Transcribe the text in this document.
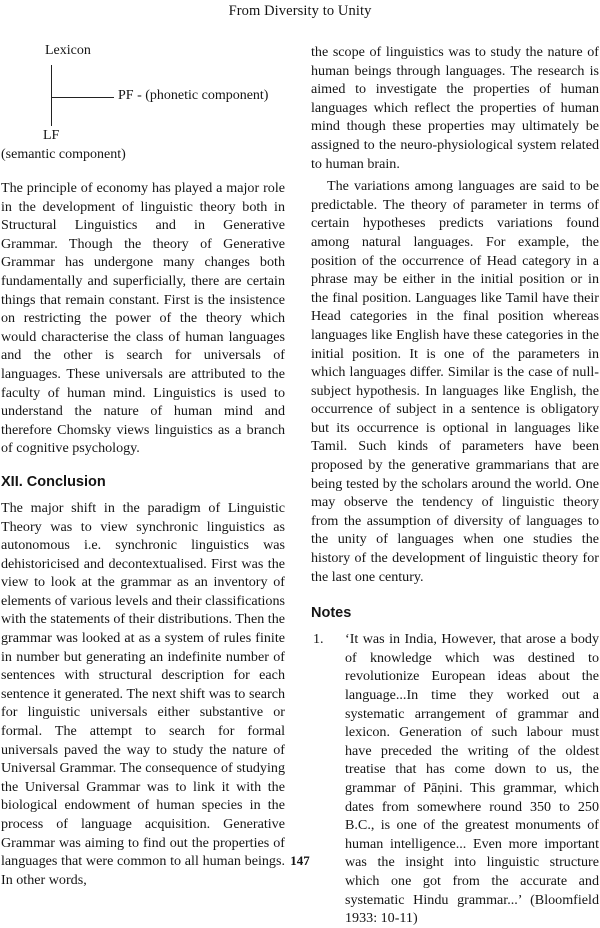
From Diversity to Unity
Lexicon
PF - (phonetic component)
LF
(semantic component)

The principle of economy has played a major role in the development of linguistic theory both in Structural Linguistics and in Generative Grammar. Though the theory of Generative Grammar has undergone many changes both fundamentally and superficially, there are certain things that remain constant. First is the insistence on restricting the power of the theory which would characterise the class of human languages and the other is search for universals of languages. These universals are attributed to the faculty of human mind. Linguistics is used to understand the nature of human mind and therefore Chomsky views linguistics as a branch of cognitive psychology.

XII. Conclusion

The major shift in the paradigm of Linguistic Theory was to view synchronic linguistics as autonomous i.e. synchronic linguistics was dehistoricised and decontextualised. First was the view to look at the grammar as an inventory of elements of various levels and their classifications with the statements of their distributions. Then the grammar was looked at as a system of rules finite in number but generating an indefinite number of sentences with structural description for each sentence it generated. The next shift was to search for linguistic universals either substantive or formal. The attempt to search for formal universals paved the way to study the nature of Universal Grammar. The consequence of studying the Universal Grammar was to link it with the biological endowment of human species in the process of language acquisition. Generative Grammar was aiming to find out the properties of languages that were common to all human beings. In other words,

the scope of linguistics was to study the nature of human beings through languages. The research is aimed to investigate the properties of human languages which reflect the properties of human mind though these properties may ultimately be assigned to the neuro-physiological system related to human brain.

The variations among languages are said to be predictable. The theory of parameter in terms of certain hypotheses predicts variations found among natural languages. For example, the position of the occurrence of Head category in a phrase may be either in the initial position or in the final position. Languages like Tamil have their Head categories in the final position whereas languages like English have these categories in the initial position. It is one of the parameters in which languages differ. Similar is the case of null-subject hypothesis. In languages like English, the occurrence of subject in a sentence is obligatory but its occurrence is optional in languages like Tamil. Such kinds of parameters have been proposed by the generative grammarians that are being tested by the scholars around the world. One may observe the tendency of linguistic theory from the assumption of diversity of languages to the unity of languages when one studies the history of the development of linguistic theory for the last one century.

Notes
1. ‘It was in India, However, that arose a body of knowledge which was destined to revolutionize European ideas about the language...In time they worked out a systematic arrangement of grammar and lexicon. Generation of such labour must have preceded the writing of the oldest treatise that has come down to us, the grammar of Pāṇini. This grammar, which dates from somewhere round 350 to 250 B.C., is one of the greatest monuments of human intelligence... Even more important was the insight into linguistic structure which one got from the accurate and systematic Hindu grammar...’ (Bloomfield 1933: 10-11)

147
